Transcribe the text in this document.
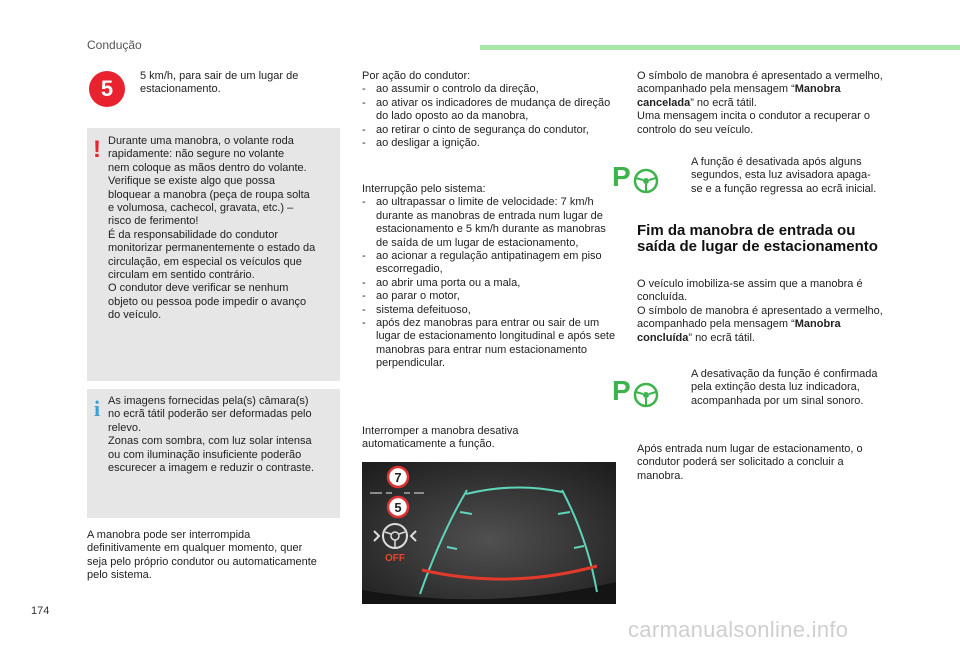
Condução
5	5 km/h, para sair de um lugar de estacionamento.
! Durante uma manobra, o volante roda
rapidamente: não segure no volante
nem coloque as mãos dentro do volante.
Verifique se existe algo que possa
bloquear a manobra (peça de roupa solta
e volumosa, cachecol, gravata, etc.) –
risco de ferimento!
É da responsabilidade do condutor
monitorizar permanentemente o estado da
circulação, em especial os veículos que
circulam em sentido contrário.
O condutor deve verificar se nenhum
objeto ou pessoa pode impedir o avanço
do veículo.
i As imagens fornecidas pela(s) câmara(s)
no ecrã tátil poderão ser deformadas pelo
relevo.
Zonas com sombra, com luz solar intensa
ou com iluminação insuficiente poderão
escurecer a imagem e reduzir o contraste.
A manobra pode ser interrompida
definitivamente em qualquer momento, quer
seja pelo próprio condutor ou automaticamente
pelo sistema.
Por ação do condutor:
- ao assumir o controlo da direção,
- ao ativar os indicadores de mudança de direção do lado oposto ao da manobra,
- ao retirar o cinto de segurança do condutor,
- ao desligar a ignição.
Interrupção pelo sistema:
- ao ultrapassar o limite de velocidade: 7 km/h durante as manobras de entrada num lugar de estacionamento e 5 km/h durante as manobras de saída de um lugar de estacionamento,
- ao acionar a regulação antipatinagem em piso escorregadio,
- ao abrir uma porta ou a mala,
- ao parar o motor,
- sistema defeituoso,
- após dez manobras para entrar ou sair de um lugar de estacionamento longitudinal e após sete manobras para entrar num estacionamento perpendicular.
Interromper a manobra desativa automaticamente a função.
7
5
OFF
O símbolo de manobra é apresentado a vermelho, acompanhado pela mensagem “Manobra cancelada” no ecrã tátil.
Uma mensagem incita o condutor a recuperar o controlo do seu veículo.
P	A função é desativada após alguns segundos, esta luz avisadora apaga-se e a função regressa ao ecrã inicial.
Fim da manobra de entrada ou saída de lugar de estacionamento
O veículo imobiliza-se assim que a manobra é concluída.
O símbolo de manobra é apresentado a vermelho, acompanhado pela mensagem “Manobra concluída” no ecrã tátil.
P
A desativação da função é confirmada pela extinção desta luz indicadora, acompanhada por um sinal sonoro.
Após entrada num lugar de estacionamento, o condutor poderá ser solicitado a concluir a manobra.
174
carmanualsonline.info
